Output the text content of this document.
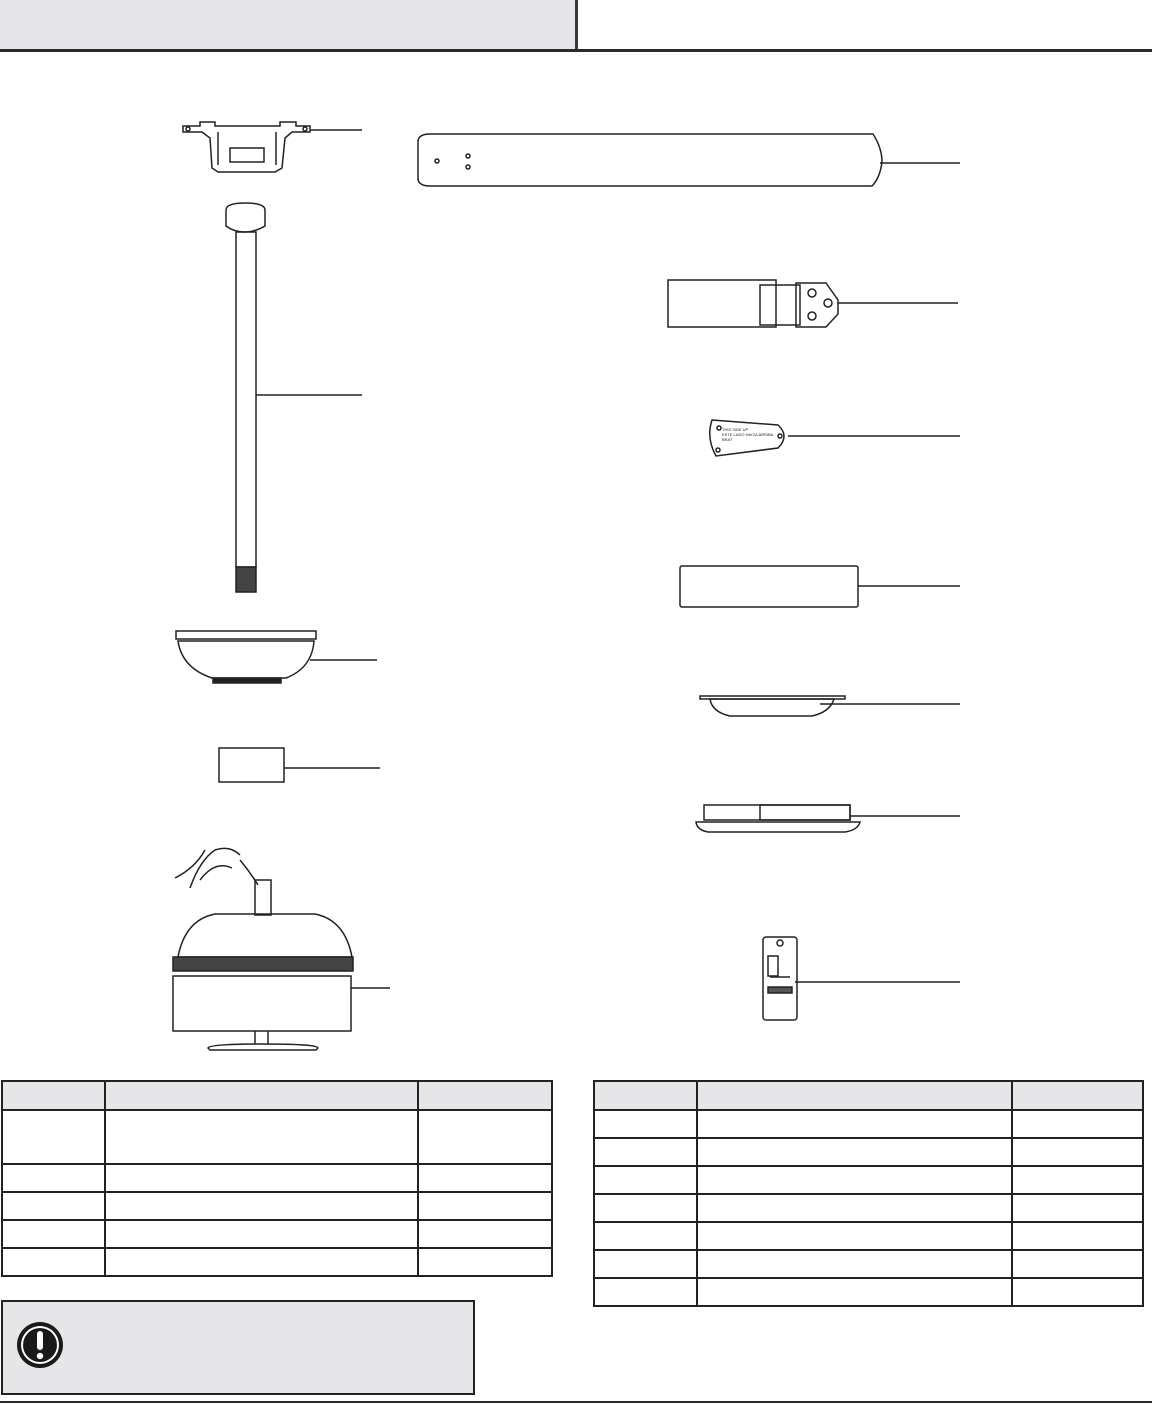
THIS SIDE UP
ESTE LADO HACIA ARRIBA
BRAT
